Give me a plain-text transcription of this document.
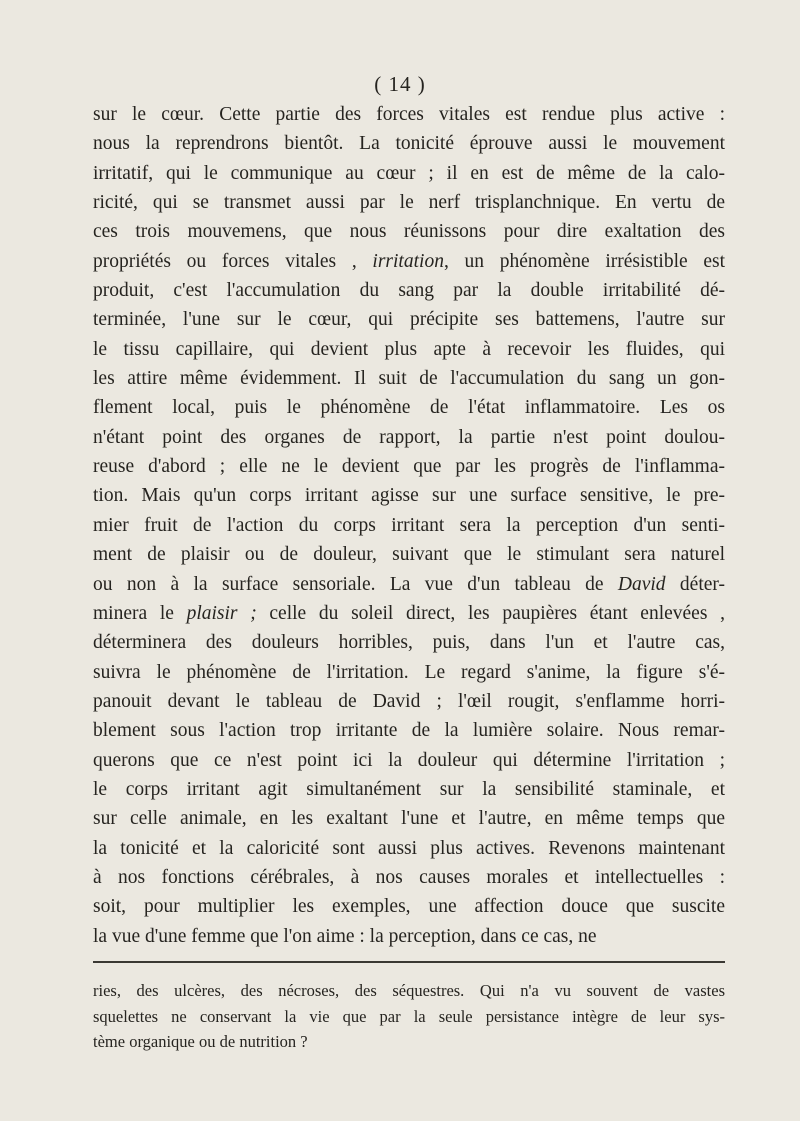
( 14 )
sur le cœur. Cette partie des forces vitales est rendue plus active :
nous la reprendrons bientôt. La tonicité éprouve aussi le mouvement
irritatif, qui le communique au cœur ; il en est de même de la calo-
ricité, qui se transmet aussi par le nerf trisplanchnique. En vertu de
ces trois mouvemens, que nous réunissons pour dire exaltation des
propriétés ou forces vitales , irritation, un phénomène irrésistible est
produit, c'est l'accumulation du sang par la double irritabilité dé-
terminée, l'une sur le cœur, qui précipite ses battemens, l'autre sur
le tissu capillaire, qui devient plus apte à recevoir les fluides, qui
les attire même évidemment. Il suit de l'accumulation du sang un gon-
flement local, puis le phénomène de l'état inflammatoire. Les os
n'étant point des organes de rapport, la partie n'est point doulou-
reuse d'abord ; elle ne le devient que par les progrès de l'inflamma-
tion. Mais qu'un corps irritant agisse sur une surface sensitive, le pre-
mier fruit de l'action du corps irritant sera la perception d'un senti-
ment de plaisir ou de douleur, suivant que le stimulant sera naturel
ou non à la surface sensoriale. La vue d'un tableau de David déter-
minera le plaisir ; celle du soleil direct, les paupières étant enlevées ,
déterminera des douleurs horribles, puis, dans l'un et l'autre cas,
suivra le phénomène de l'irritation. Le regard s'anime, la figure s'é-
panouit devant le tableau de David ; l'œil rougit, s'enflamme horri-
blement sous l'action trop irritante de la lumière solaire. Nous remar-
querons que ce n'est point ici la douleur qui détermine l'irritation ;
le corps irritant agit simultanément sur la sensibilité staminale, et
sur celle animale, en les exaltant l'une et l'autre, en même temps que
la tonicité et la caloricité sont aussi plus actives. Revenons maintenant
à nos fonctions cérébrales, à nos causes morales et intellectuelles :
soit, pour multiplier les exemples, une affection douce que suscite
la vue d'une femme que l'on aime : la perception, dans ce cas, ne
ries, des ulcères, des nécroses, des séquestres. Qui n'a vu souvent de vastes
squelettes ne conservant la vie que par la seule persistance intègre de leur sys-
tème organique ou de nutrition ?
